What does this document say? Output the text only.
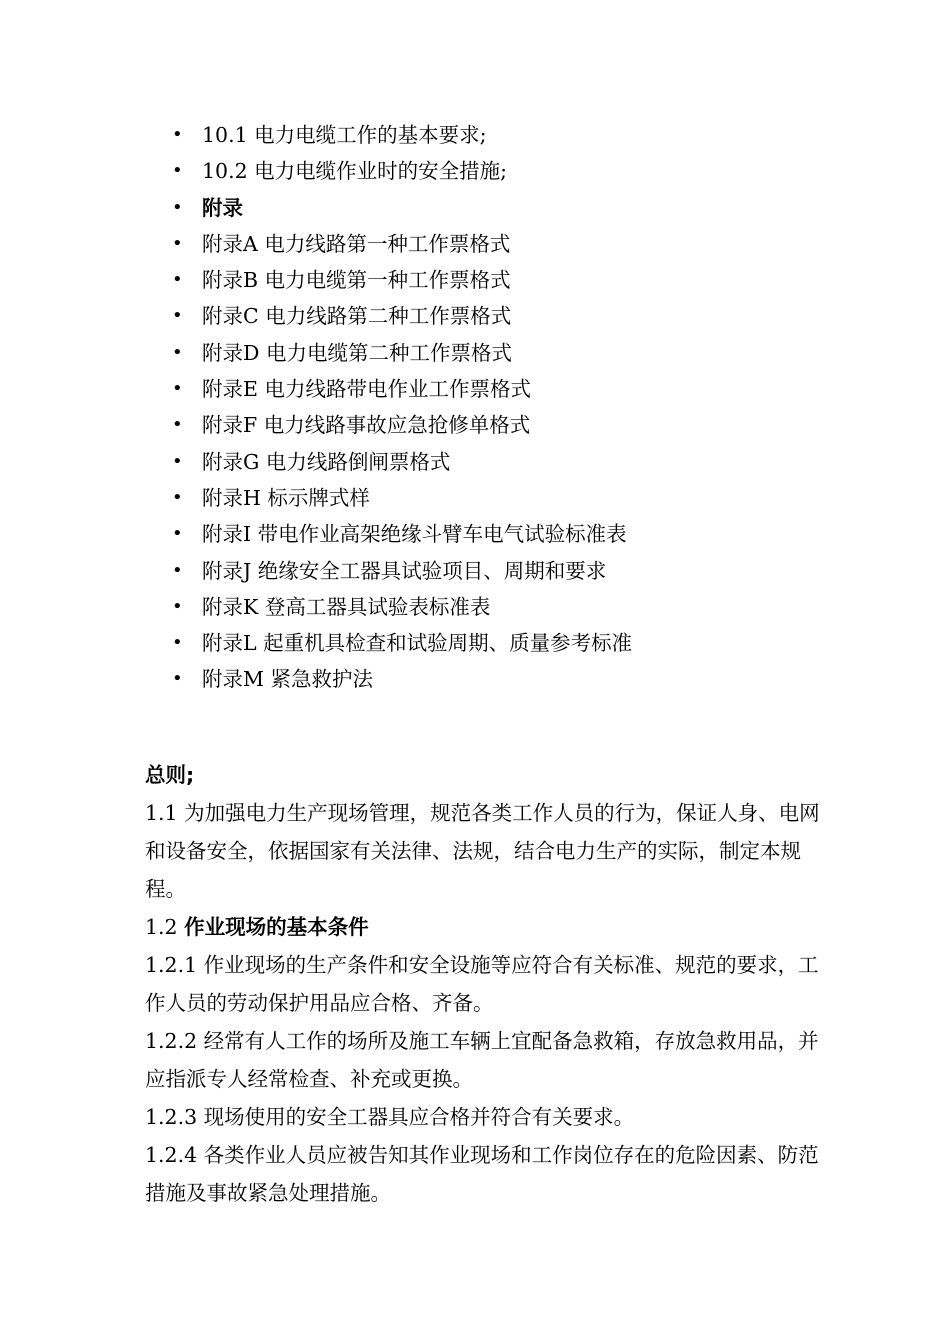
• 10.1 电力电缆工作的基本要求;
• 10.2 电力电缆作业时的安全措施;
• 附录
• 附录A 电力线路第一种工作票格式
• 附录B 电力电缆第一种工作票格式
• 附录C 电力线路第二种工作票格式
• 附录D 电力电缆第二种工作票格式
• 附录E 电力线路带电作业工作票格式
• 附录F 电力线路事故应急抢修单格式
• 附录G 电力线路倒闸票格式
• 附录H 标示牌式样
• 附录I 带电作业高架绝缘斗臂车电气试验标准表
• 附录J 绝缘安全工器具试验项目、周期和要求
• 附录K 登高工器具试验表标准表
• 附录L 起重机具检查和试验周期、质量参考标准
• 附录M 紧急救护法

总则;

1.1 为加强电力生产现场管理，规范各类工作人员的行为，保证人身、电网和设备安全，依据国家有关法律、法规，结合电力生产的实际，制定本规程。

1.2 作业现场的基本条件

1.2.1 作业现场的生产条件和安全设施等应符合有关标准、规范的要求，工作人员的劳动保护用品应合格、齐备。

1.2.2 经常有人工作的场所及施工车辆上宜配备急救箱，存放急救用品，并应指派专人经常检查、补充或更换。

1.2.3 现场使用的安全工器具应合格并符合有关要求。

1.2.4 各类作业人员应被告知其作业现场和工作岗位存在的危险因素、防范措施及事故紧急处理措施。
